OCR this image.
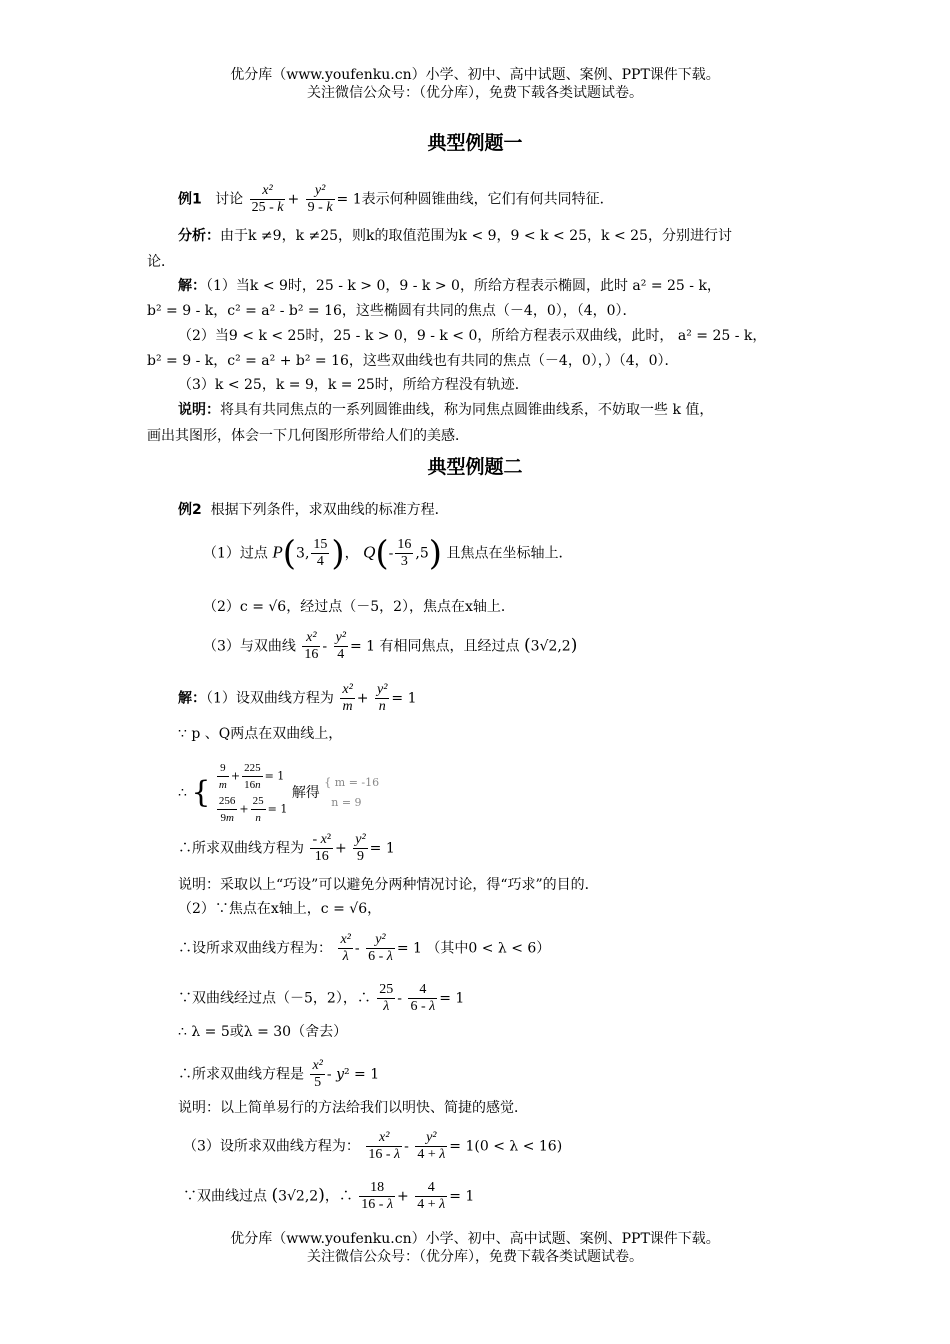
优分库（www.youfenku.cn）小学、初中、高中试题、案例、PPT课件下载。
关注微信公众号：（优分库），免费下载各类试题试卷。
典型例题一
例1 讨论 $\frac{\text{x²}}{25 - k} + \frac{\text{y²}}{9 - k} = 1$表示何种圆锥曲线，它们有何共同特征．
分析：由于k ≠9，k ≠25，则k的取值范围为k < 9，9 < k < 25，k < 25，分别进行讨
论．
解：（1）当k < 9时，25 - k > 0，9 - k > 0，所给方程表示椭圆，此时 a² = 25 - k，
b² = 9 - k，c² = a² - b² = 16，这些椭圆有共同的焦点（－4，0），（4，0）．
（2）当9 < k < 25时，25 - k > 0，9 - k < 0，所给方程表示双曲线，此时， a² = 25 - k，
b² = 9 - k，c² = a² + b² = 16，这些双曲线也有共同的焦点（－4，0），）（4，0）．
（3）k < 25，k = 9，k = 25时，所给方程没有轨迹．
说明：将具有共同焦点的一系列圆锥曲线，称为同焦点圆锥曲线系，不妨取一些 k 值，
画出其图形，体会一下几何图形所带给人们的美感．
典型例题二
例2 根据下列条件，求双曲线的标准方程．
（1）过点 P(3, $\frac{15}{4}$ )， $Q(- \frac{16}{3} ,5)$ 且焦点在坐标轴上．
（2）c = √6，经过点（－5，2），焦点在x轴上．
（3）与双曲线 $\frac{\text{x²}}{16} - \frac{\text{y²}}{4} = 1$ 有相同焦点，且经过点 (3√2,2)
解：（1）设双曲线方程为 $\frac{\text{x²}}{m} + \frac{\text{y²}}{n} = 1$
∵ p 、Q两点在双曲线上，
∴ { $\frac{9}{m} + \frac{225}{16n} = 1$

$\frac{256}{9m} + \frac{25}{n} = 1$ 解得 { m = -16
n = 9
∴所求双曲线方程为 $\frac{\text{- x²}}{16} + \frac{\text{y²}}{9} = 1$
说明：采取以上“巧设”可以避免分两种情况讨论，得“巧求”的目的．
（2）∵焦点在x轴上，c = √6，
∴设所求双曲线方程为： $\frac{\text{x²}}{\lambda} - \frac{\text{y²}}{6 - \lambda} = 1$ （其中0 < λ < 6）
∵双曲线经过点（－5，2），∴ $\frac{25}{\lambda} - \frac{4}{6 - \lambda} = 1$
∴ λ = 5或λ = 30（舍去）
∴所求双曲线方程是 $\frac{\text{x²}}{5} - y^2 = 1$
说明：以上简单易行的方法给我们以明快、简捷的感觉．
（3）设所求双曲线方程为： $\frac{\text{x²}}{16 - \lambda} - \frac{\text{y²}}{4 + \lambda} = 1(0 < \lambda < 16)$
∵双曲线过点 (3√2,2)，∴ $\frac{18}{16 - \lambda} + \frac{4}{4 + \lambda} = 1$
优分库（www.youfenku.cn）小学、初中、高中试题、案例、PPT课件下载。
关注微信公众号：（优分库），免费下载各类试题试卷。
